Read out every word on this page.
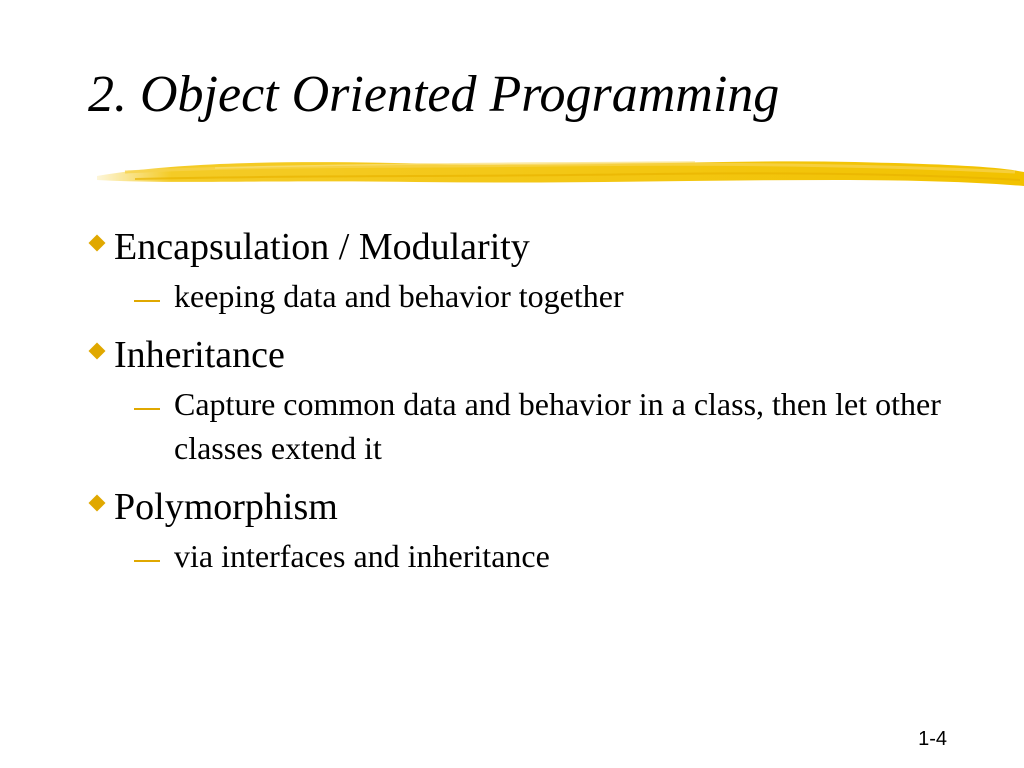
2. Object Oriented Programming
Encapsulation / Modularity
keeping data and behavior together
Inheritance
Capture common data and behavior in a class, then let other classes extend it
Polymorphism
via interfaces and inheritance
1-4
